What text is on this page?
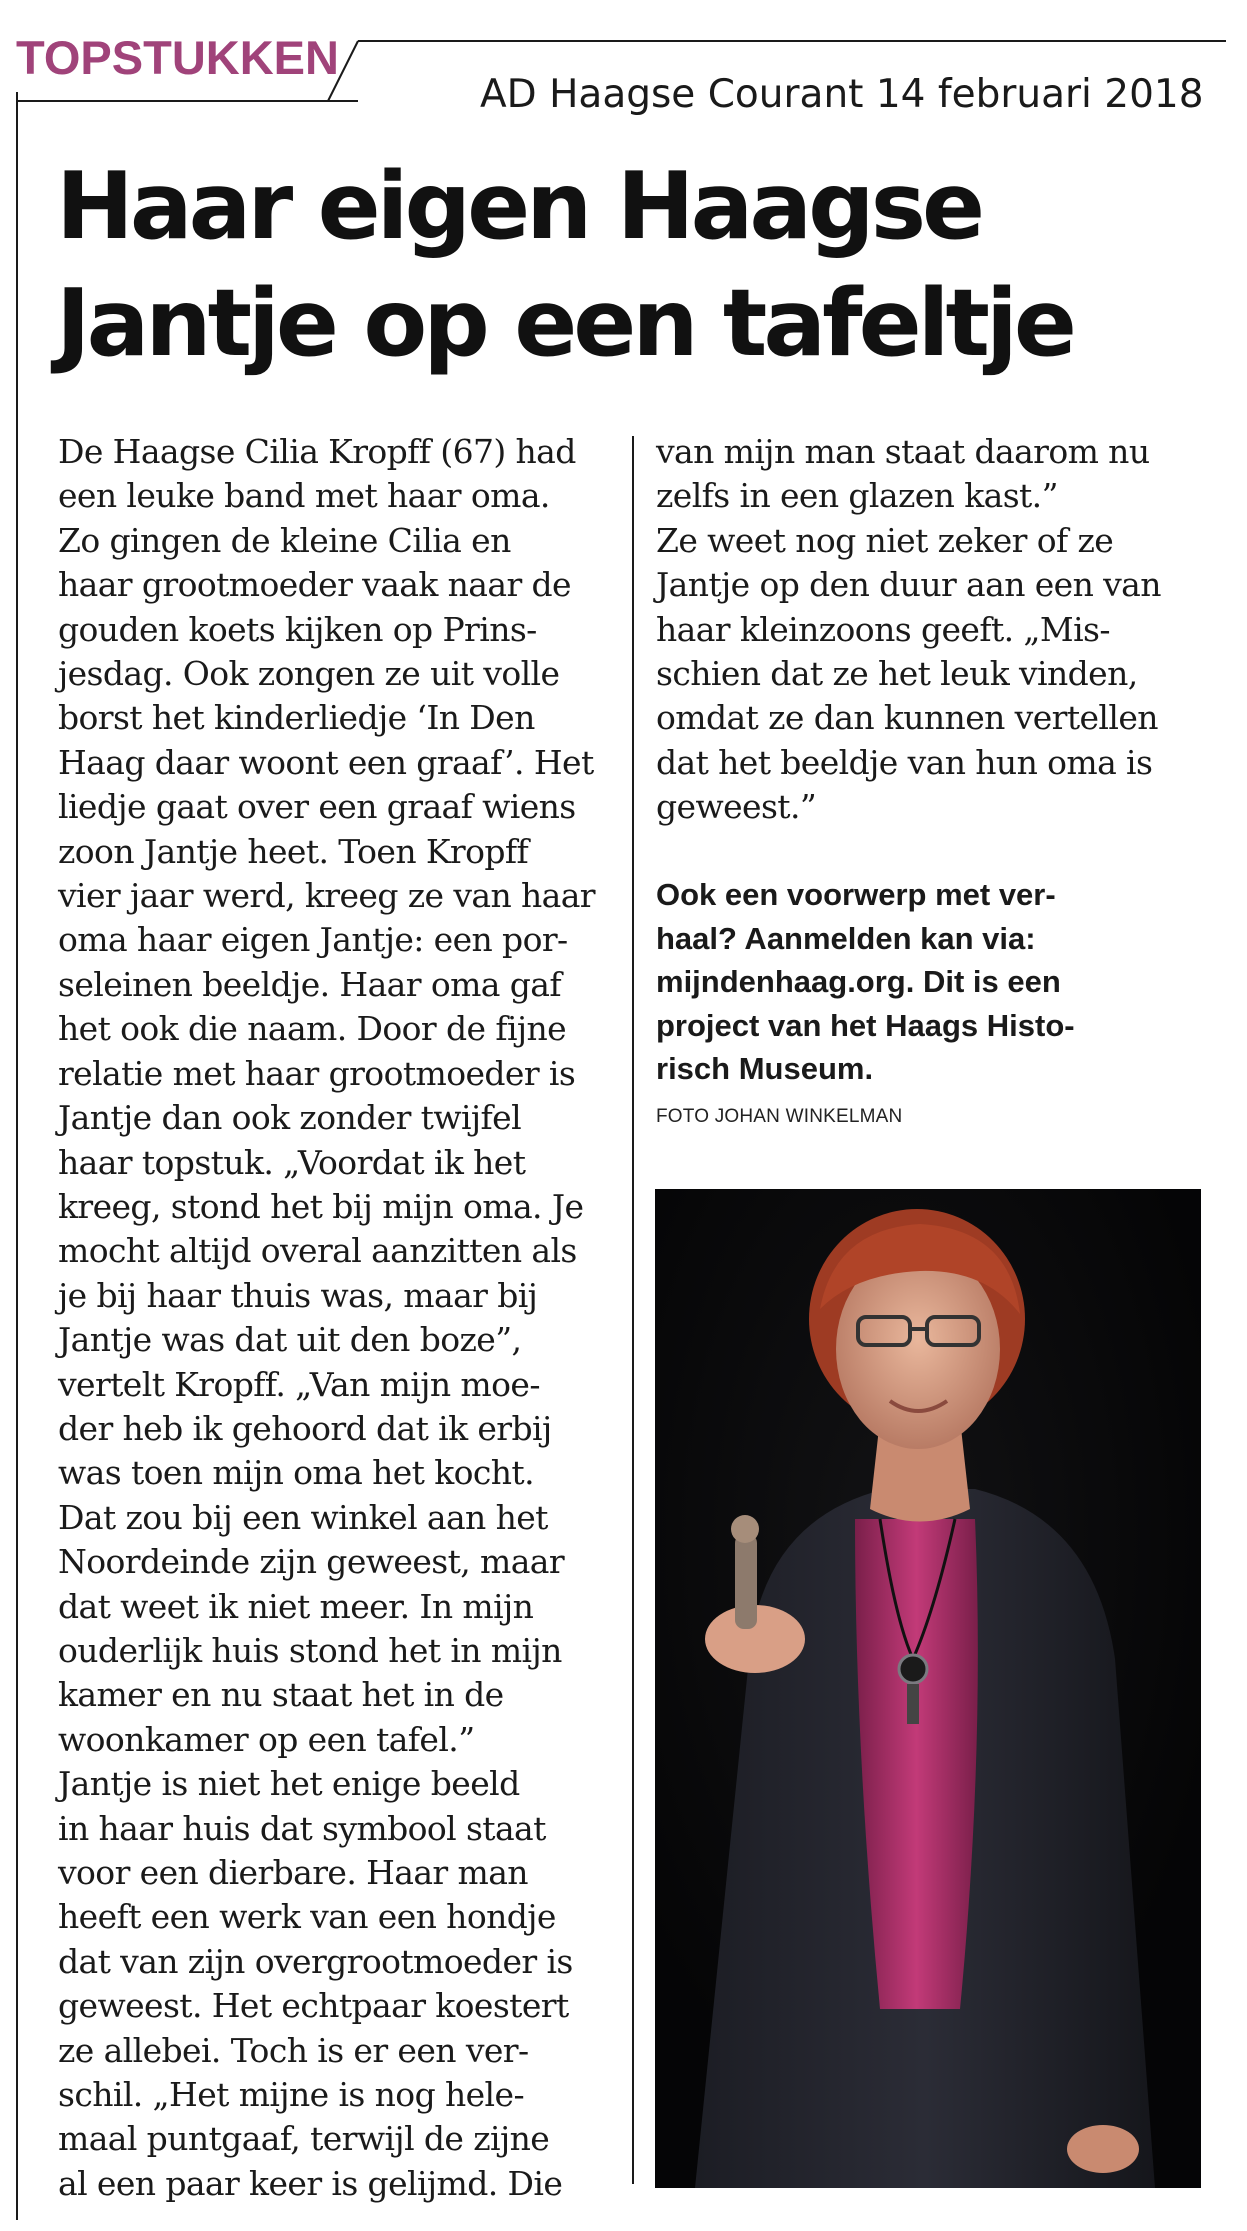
TOPSTUKKEN
AD Haagse Courant 14 februari 2018
Haar eigen Haagse
Jantje op een tafeltje
De Haagse Cilia Kropff (67) had
een leuke band met haar oma.
Zo gingen de kleine Cilia en
haar grootmoeder vaak naar de
gouden koets kijken op Prins-
jesdag. Ook zongen ze uit volle
borst het kinderliedje ‘In Den
Haag daar woont een graaf’. Het
liedje gaat over een graaf wiens
zoon Jantje heet. Toen Kropff
vier jaar werd, kreeg ze van haar
oma haar eigen Jantje: een por-
seleinen beeldje. Haar oma gaf
het ook die naam. Door de fijne
relatie met haar grootmoeder is
Jantje dan ook zonder twijfel
haar topstuk. „Voordat ik het
kreeg, stond het bij mijn oma. Je
mocht altijd overal aanzitten als
je bij haar thuis was, maar bij
Jantje was dat uit den boze”,
vertelt Kropff. „Van mijn moe-
der heb ik gehoord dat ik erbij
was toen mijn oma het kocht.
Dat zou bij een winkel aan het
Noordeinde zijn geweest, maar
dat weet ik niet meer. In mijn
ouderlijk huis stond het in mijn
kamer en nu staat het in de
woonkamer op een tafel.”
Jantje is niet het enige beeld
in haar huis dat symbool staat
voor een dierbare. Haar man
heeft een werk van een hondje
dat van zijn overgrootmoeder is
geweest. Het echtpaar koestert
ze allebei. Toch is er een ver-
schil. „Het mijne is nog hele-
maal puntgaaf, terwijl de zijne
al een paar keer is gelijmd. Die
van mijn man staat daarom nu
zelfs in een glazen kast.”
Ze weet nog niet zeker of ze
Jantje op den duur aan een van
haar kleinzoons geeft. „Mis-
schien dat ze het leuk vinden,
omdat ze dan kunnen vertellen
dat het beeldje van hun oma is
geweest.”
Ook een voorwerp met ver-
haal? Aanmelden kan via:
mijndenhaag.org. Dit is een
project van het Haags Histo-
risch Museum.
FOTO JOHAN WINKELMAN
